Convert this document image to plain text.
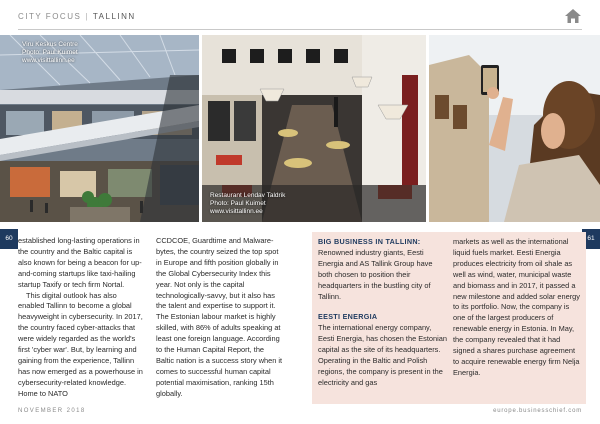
CITY FOCUS | TALLINN
Viru Keskus Centre
Photo: Paul Kuimet
www.visittallinn.ee
Restaurant Lendav Taldrik
Photo: Paul Kuimet
www.visittallinn.ee
60	61

established long-lasting operations in the country and the Baltic capital is also known for being a beacon for up-and-coming startups like taxi-hailing startup Taxify or tech firm Nortal.

This digital outlook has also enabled Tallinn to become a global heavyweight in cybersecurity. In 2017, the country faced cyber-attacks that were widely regarded as the world's first 'cyber war'. But, by learning and gaining from the experience, Tallinn has now emerged as a powerhouse in cybersecurity-related knowledge. Home to NATO

CCDCOE, Guardtime and Malware-bytes, the country seized the top spot in Europe and fifth position globally in the Global Cybersecurity Index this year. Not only is the capital technologically-savvy, but it also has the talent and expertise to support it. The Estonian labour market is highly skilled, with 86% of adults speaking at least one foreign language. According to the Human Capital Report, the Baltic nation is a success story when it comes to successful human capital potential maximisation, ranking 15th globally.

BIG BUSINESS IN TALLINN:

Renowned industry giants, Eesti Energia and AS Tallink Group have both chosen to position their headquarters in the bustling city of Tallinn.

EESTI ENERGIA

The international energy company, Eesti Energia, has chosen the Estonian capital as the site of its headquarters. Operating in the Baltic and Polish regions, the company is present in the electricity and gas

markets as well as the international liquid fuels market. Eesti Energia produces electricity from oil shale as well as wind, water, municipal waste and biomass and in 2017, it passed a new milestone and added solar energy to its portfolio. Now, the company is one of the largest producers of renewable energy in Estonia. In May, the company revealed that it had signed a shares purchase agreement to acquire renewable energy firm Nelja Energia.

NOVEMBER 2018	europe.businesschief.com
